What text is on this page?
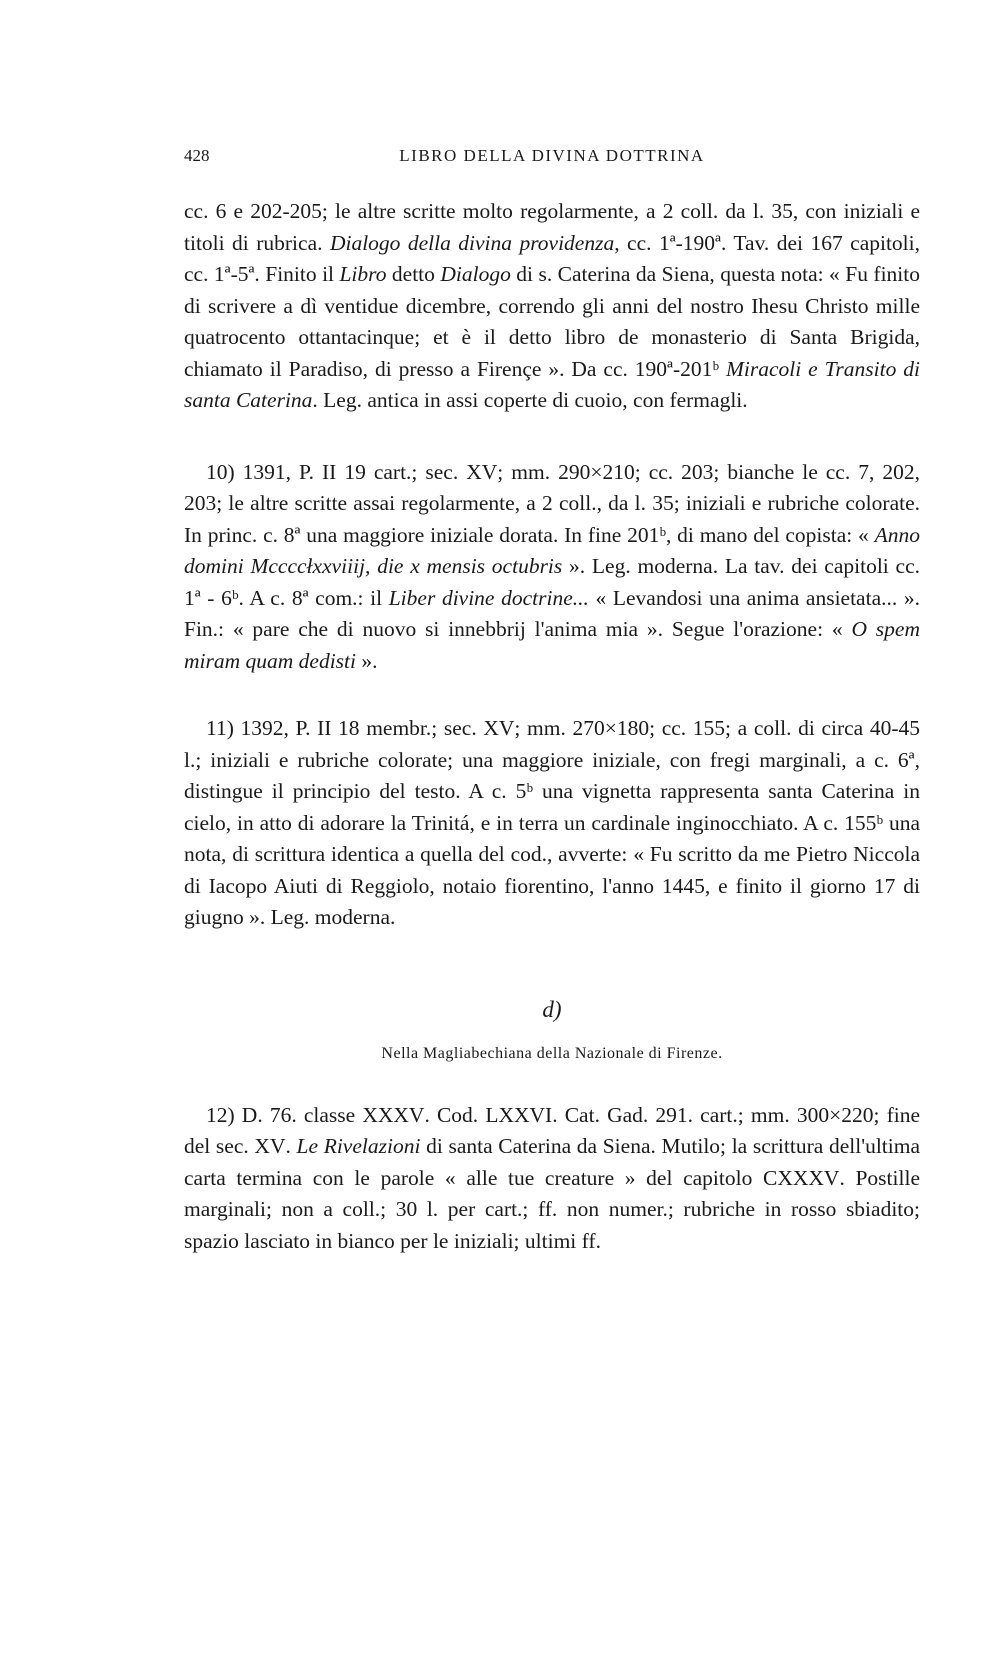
428	LIBRO DELLA DIVINA DOTTRINA

cc. 6 e 202-205; le altre scritte molto regolarmente, a 2 coll. da l. 35, con iniziali e titoli di rubrica. Dialogo della divina providenza, cc. 1ª-190ª. Tav. dei 167 capitoli, cc. 1ª-5ª. Finito il Libro detto Dialogo di s. Caterina da Siena, questa nota: « Fu finito di scrivere a dì ventidue dicembre, correndo gli anni del nostro Ihesu Christo mille quatrocento ottantacinque; et è il detto libro de monasterio di Santa Brigida, chiamato il Paradiso, di presso a Firençe ». Da cc. 190ª-201ᵇ Miracoli e Transito di santa Caterina. Leg. antica in assi coperte di cuoio, con fermagli.

10) 1391, P. II 19 cart.; sec. XV; mm. 290×210; cc. 203; bianche le cc. 7, 202, 203; le altre scritte assai regolarmente, a 2 coll., da l. 35; iniziali e rubriche colorate. In princ. c. 8ª una maggiore iniziale dorata. In fine 201ᵇ, di mano del copista: « Anno domini Mccccłxxviiij, die x mensis octubris ». Leg. moderna. La tav. dei capitoli cc. 1ª - 6ᵇ. A c. 8ª com.: il Liber divine doctrine... « Levandosi una anima ansietata... ». Fin.: « pare che di nuovo si innebbrij l'anima mia ». Segue l'orazione: « O spem miram quam dedisti ».

11) 1392, P. II 18 membr.; sec. XV; mm. 270×180; cc. 155; a coll. di circa 40-45 l.; iniziali e rubriche colorate; una maggiore iniziale, con fregi marginali, a c. 6ª, distingue il principio del testo. A c. 5ᵇ una vignetta rappresenta santa Caterina in cielo, in atto di adorare la Trinitá, e in terra un cardinale inginocchiato. A c. 155ᵇ una nota, di scrittura identica a quella del cod., avverte: « Fu scritto da me Pietro Niccola di Iacopo Aiuti di Reggiolo, notaio fiorentino, l'anno 1445, e finito il giorno 17 di giugno ». Leg. moderna.

d)
Nella Magliabechiana della Nazionale di Firenze.

12) D. 76. classe XXXV. Cod. LXXVI. Cat. Gad. 291. cart.; mm. 300×220; fine del sec. XV. Le Rivelazioni di santa Caterina da Siena. Mutilo; la scrittura dell'ultima carta termina con le parole « alle tue creature » del capitolo CXXXV. Postille marginali; non a coll.; 30 l. per cart.; ff. non numer.; rubriche in rosso sbiadito; spazio lasciato in bianco per le iniziali; ultimi ff.
